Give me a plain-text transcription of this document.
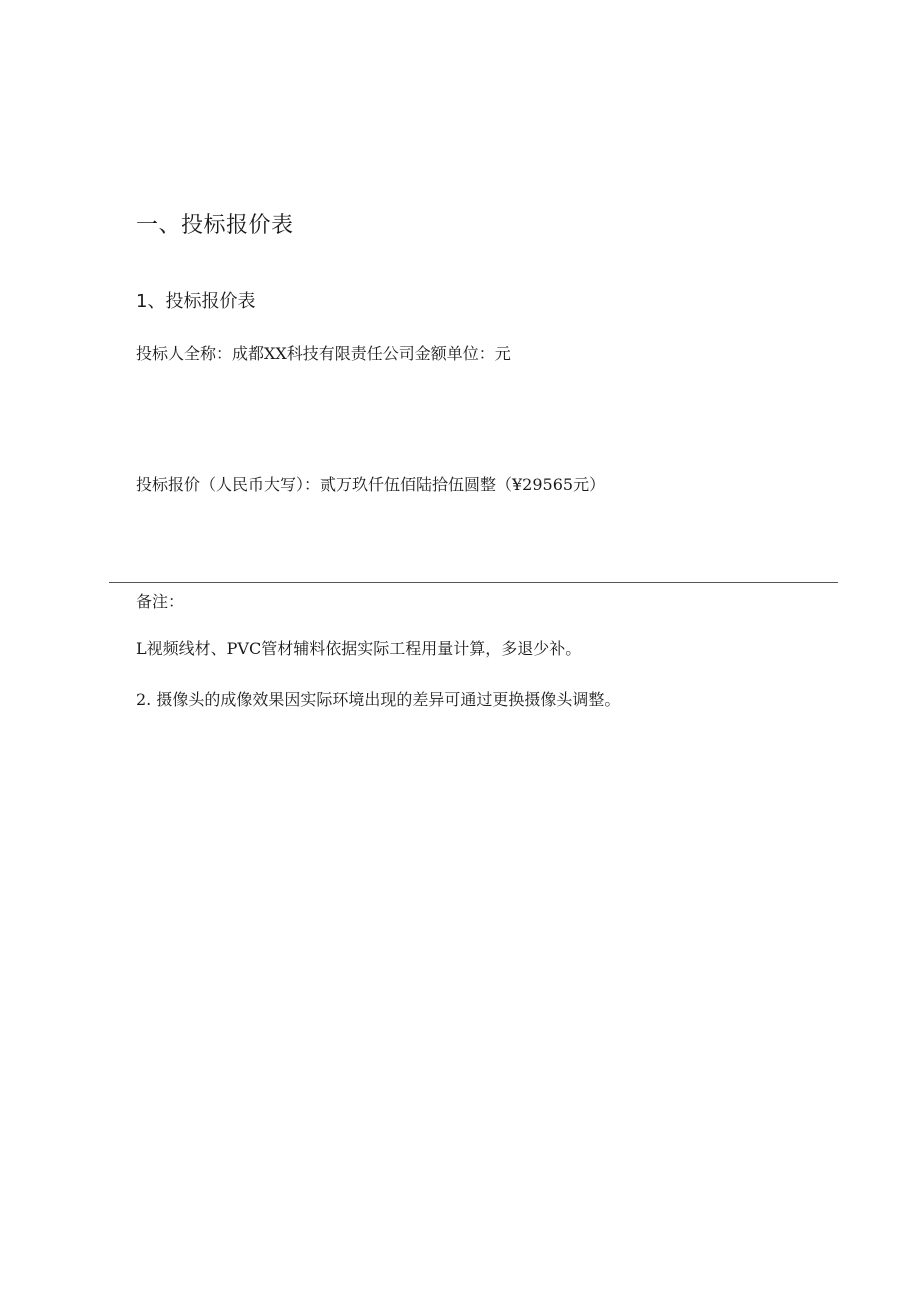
一、投标报价表
1、投标报价表
投标人全称：成都XX科技有限责任公司金额单位：元
投标报价（人民币大写）：贰万玖仟伍佰陆拾伍圆整（¥29565元）
备注：
L视频线材、PVC管材辅料依据实际工程用量计算，多退少补。
2. 摄像头的成像效果因实际环境出现的差异可通过更换摄像头调整。
